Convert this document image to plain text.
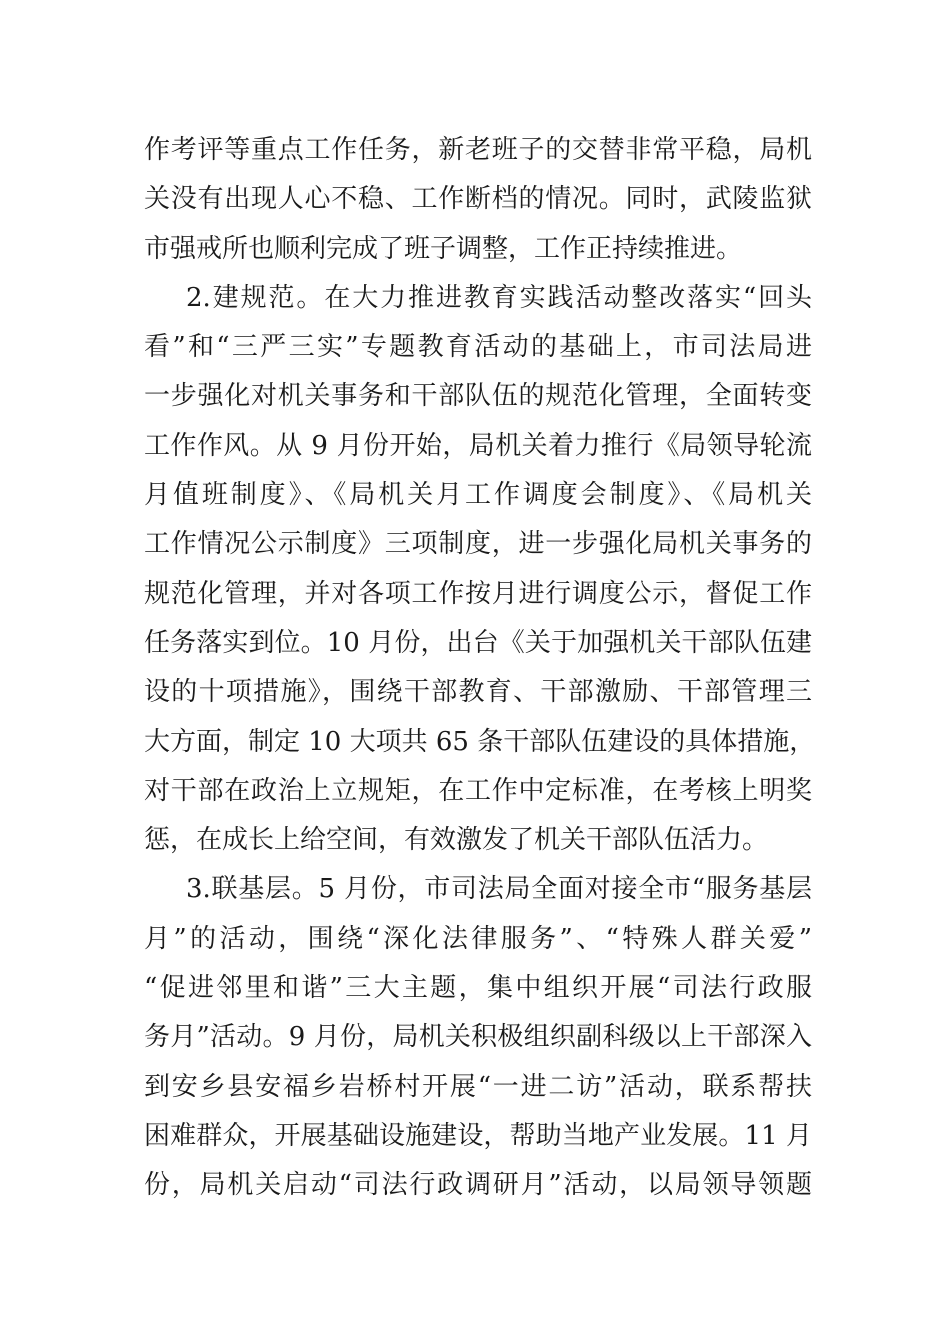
作考评等重点工作任务，新老班子的交替非常平稳，局机
关没有出现人心不稳、工作断档的情况。同时，武陵监狱
市强戒所也顺利完成了班子调整，工作正持续推进。
2.建规范。在大力推进教育实践活动整改落实“回头
看”和“三严三实”专题教育活动的基础上，市司法局进
一步强化对机关事务和干部队伍的规范化管理，全面转变
工作作风。从 9 月份开始，局机关着力推行《局领导轮流
月值班制度》、《局机关月工作调度会制度》、《局机关
工作情况公示制度》三项制度，进一步强化局机关事务的
规范化管理，并对各项工作按月进行调度公示，督促工作
任务落实到位。10 月份，出台《关于加强机关干部队伍建
设的十项措施》，围绕干部教育、干部激励、干部管理三
大方面，制定 10 大项共 65 条干部队伍建设的具体措施，
对干部在政治上立规矩，在工作中定标准，在考核上明奖
惩，在成长上给空间，有效激发了机关干部队伍活力。
3.联基层。5 月份，市司法局全面对接全市“服务基层
月”的活动，围绕“深化法律服务”、“特殊人群关爱”
“促进邻里和谐”三大主题，集中组织开展“司法行政服
务月”活动。9 月份，局机关积极组织副科级以上干部深入
到安乡县安福乡岩桥村开展“一进二访”活动，联系帮扶
困难群众，开展基础设施建设，帮助当地产业发展。11 月
份，局机关启动“司法行政调研月”活动，以局领导领题
